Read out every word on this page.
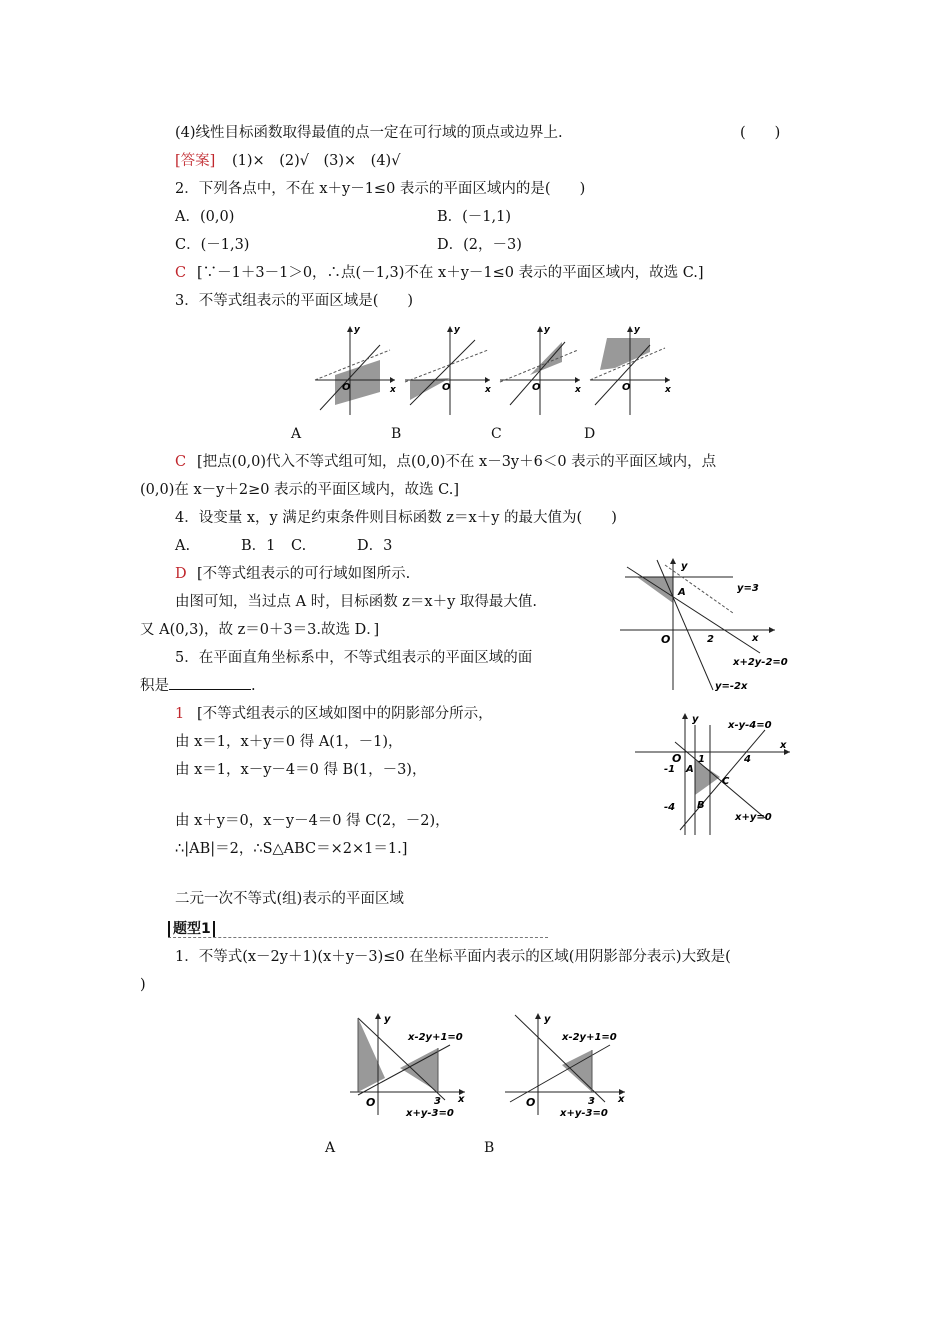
(4)线性目标函数取得最值的点一定在可行域的顶点或边界上.	(　　)
[答案] (1)×　(2)√　(3)×　(4)√
2．下列各点中，不在 x＋y－1≤0 表示的平面区域内的是(　　)
A．(0,0)	B．(－1,1)
C．(－1,3)	D．(2，－3)
C [∵－1＋3－1＞0，∴点(－1,3)不在 x＋y－1≤0 表示的平面区域内，故选 C.]
3．不等式组表示的平面区域是(　　)
O	x
y
O	x
y
O	x
y
O	x
y
A	B	C	D
C [把点(0,0)代入不等式组可知，点(0,0)不在 x－3y＋6＜0 表示的平面区域内，点
(0,0)在 x－y＋2≥0 表示的平面区域内，故选 C.]
4．设变量 x，y 满足约束条件则目标函数 z＝x＋y 的最大值为(　　)
A.	B．1 C.	D．3
D [不等式组表示的可行域如图所示.
由图可知，当过点 A 时，目标函数 z＝x＋y 取得最大值.
又 A(0,3)，故 z＝0＋3＝3.故选 D．]
y
x
O	2
A	y=3
x+2y-2=0
y=-2x
5．在平面直角坐标系中，不等式组表示的平面区域的面
积是	.
1 [不等式组表示的区域如图中的阴影部分所示，
由 x＝1，x＋y＝0 得 A(1，－1)，
由 x＝1，x－y－4＝0 得 B(1，－3)，
由 x＋y＝0，x－y－4＝0 得 C(2，－2)，
∴|AB|＝2，∴S△ABC＝×2×1＝1.]
y
x
O 1	4
-1
-4
A
B
C
x-y-4=0
x+y=0
二元一次不等式(组)表示的平面区域
题型1
1．不等式(x－2y＋1)(x＋y－3)≤0 在坐标平面内表示的区域(用阴影部分表示)大致是(
)
y
x
O	3
x-2y+1=0
x+y-3=0
y
x
O	3
x-2y+1=0
x+y-3=0
A	B
